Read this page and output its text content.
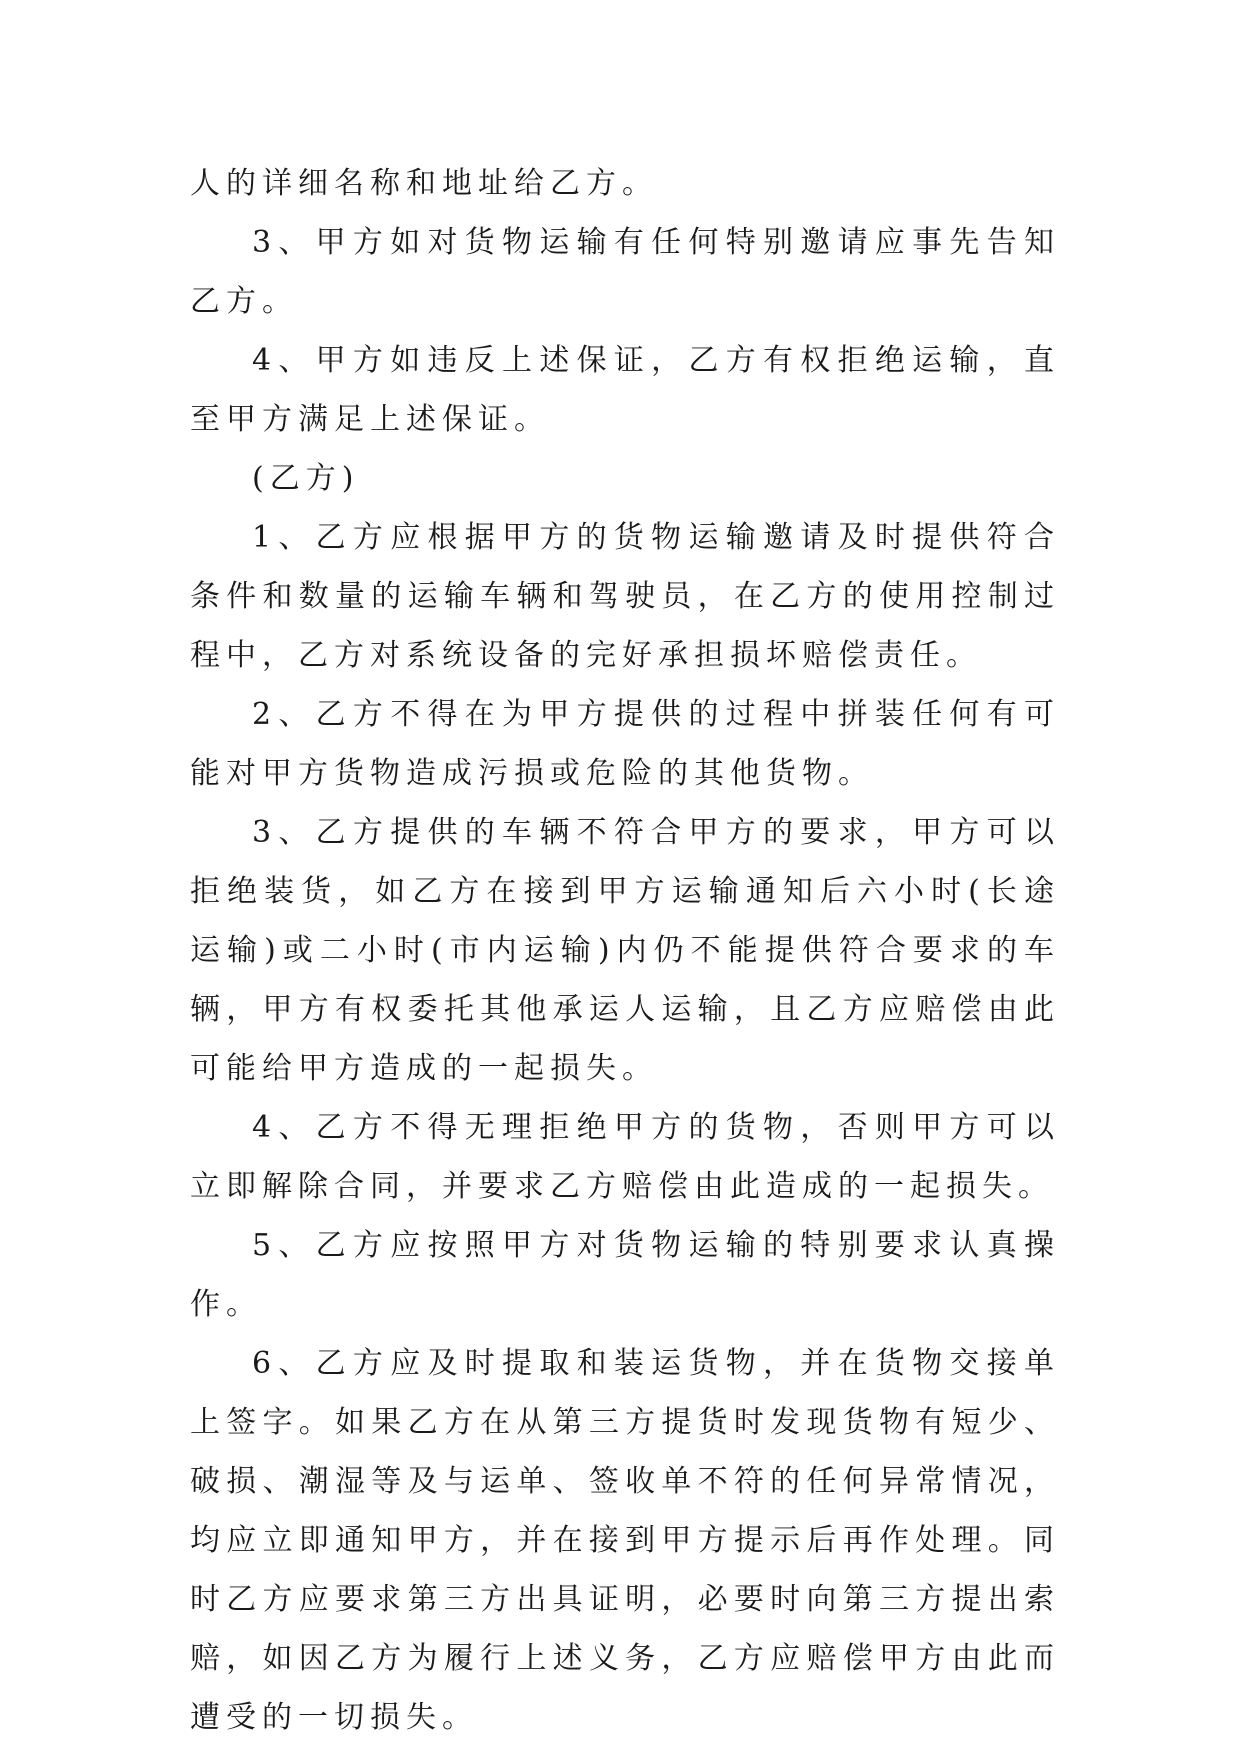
人的详细名称和地址给乙方。

3、甲方如对货物运输有任何特别邀请应事先告知乙方。

4、甲方如违反上述保证，乙方有权拒绝运输，直至甲方满足上述保证。

(乙方)

1、乙方应根据甲方的货物运输邀请及时提供符合条件和数量的运输车辆和驾驶员，在乙方的使用控制过程中，乙方对系统设备的完好承担损坏赔偿责任。

2、乙方不得在为甲方提供的过程中拼装任何有可能对甲方货物造成污损或危险的其他货物。

3、乙方提供的车辆不符合甲方的要求，甲方可以拒绝装货，如乙方在接到甲方运输通知后六小时(长途运输)或二小时(市内运输)内仍不能提供符合要求的车辆，甲方有权委托其他承运人运输，且乙方应赔偿由此可能给甲方造成的一起损失。

4、乙方不得无理拒绝甲方的货物，否则甲方可以立即解除合同，并要求乙方赔偿由此造成的一起损失。

5、乙方应按照甲方对货物运输的特别要求认真操作。

6、乙方应及时提取和装运货物，并在货物交接单上签字。如果乙方在从第三方提货时发现货物有短少、破损、潮湿等及与运单、签收单不符的任何异常情况，均应立即通知甲方，并在接到甲方提示后再作处理。同时乙方应要求第三方出具证明，必要时向第三方提出索赔，如因乙方为履行上述义务，乙方应赔偿甲方由此而遭受的一切损失。
